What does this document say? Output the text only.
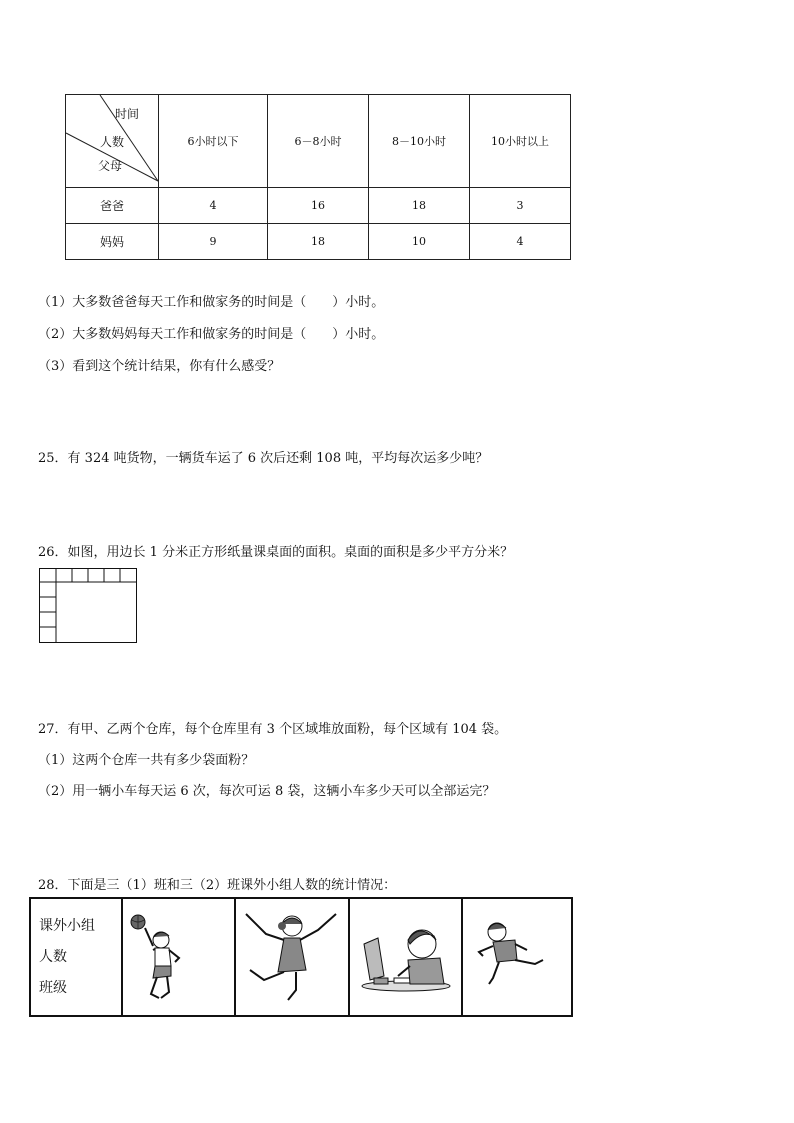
时间
人数
父母	6小时以下	6－8小时	8－10小时	10小时以上
爸爸	4	16	18	3
妈妈	9	18	10	4
（1）大多数爸爸每天工作和做家务的时间是（　　）小时。
（2）大多数妈妈每天工作和做家务的时间是（　　）小时。
（3）看到这个统计结果，你有什么感受？
25．有 324 吨货物，一辆货车运了 6 次后还剩 108 吨，平均每次运多少吨？
26．如图，用边长 1 分米正方形纸量课桌面的面积。桌面的面积是多少平方分米？
27．有甲、乙两个仓库，每个仓库里有 3 个区域堆放面粉，每个区域有 104 袋。
（1）这两个仓库一共有多少袋面粉？
（2）用一辆小车每天运 6 次，每次可运 8 袋，这辆小车多少天可以全部运完？
28．下面是三（1）班和三（2）班课外小组人数的统计情况：
课外小组
人数
班级
